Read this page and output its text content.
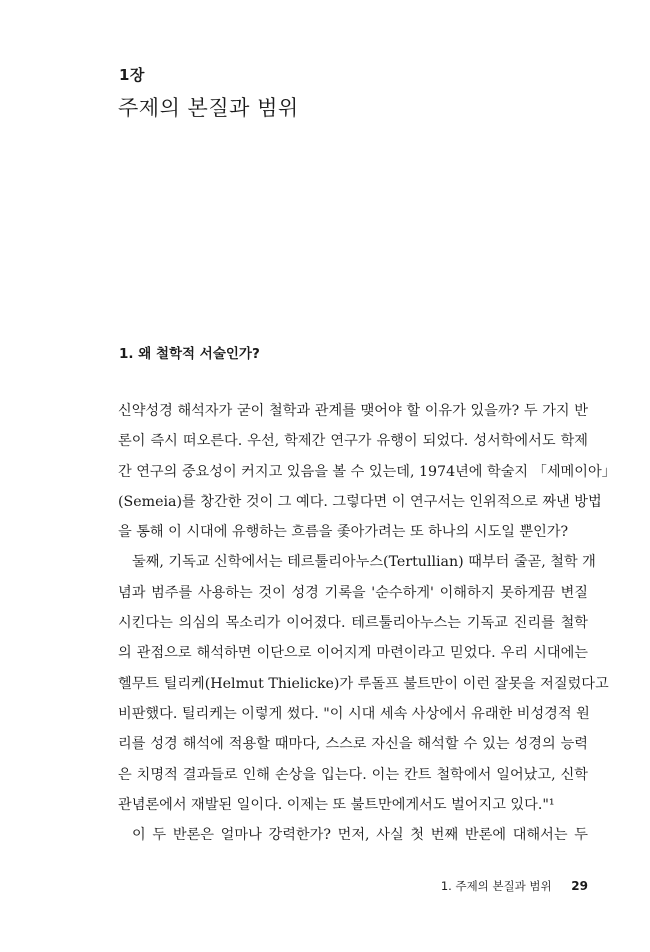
1장
주제의 본질과 범위
1. 왜 철학적 서술인가?
신약성경 해석자가 굳이 철학과 관계를 맺어야 할 이유가 있을까? 두 가지 반
론이 즉시 떠오른다. 우선, 학제간 연구가 유행이 되었다. 성서학에서도 학제
간 연구의 중요성이 커지고 있음을 볼 수 있는데, 1974년에 학술지 「세메이아」
(Semeia)를 창간한 것이 그 예다. 그렇다면 이 연구서는 인위적으로 짜낸 방법
을 통해 이 시대에 유행하는 흐름을 좇아가려는 또 하나의 시도일 뿐인가?
둘째, 기독교 신학에서는 테르툴리아누스(Tertullian) 때부터 줄곧, 철학 개
념과 범주를 사용하는 것이 성경 기록을 '순수하게' 이해하지 못하게끔 변질
시킨다는 의심의 목소리가 이어졌다. 테르툴리아누스는 기독교 진리를 철학
의 관점으로 해석하면 이단으로 이어지게 마련이라고 믿었다. 우리 시대에는
헬무트 틸리케(Helmut Thielicke)가 루돌프 불트만이 이런 잘못을 저질렀다고
비판했다. 틸리케는 이렇게 썼다. "이 시대 세속 사상에서 유래한 비성경적 원
리를 성경 해석에 적용할 때마다, 스스로 자신을 해석할 수 있는 성경의 능력
은 치명적 결과들로 인해 손상을 입는다. 이는 칸트 철학에서 일어났고, 신학
관념론에서 재발된 일이다. 이제는 또 불트만에게서도 벌어지고 있다."¹
이 두 반론은 얼마나 강력한가? 먼저, 사실 첫 번째 반론에 대해서는 두
1. 주제의 본질과 범위 29
